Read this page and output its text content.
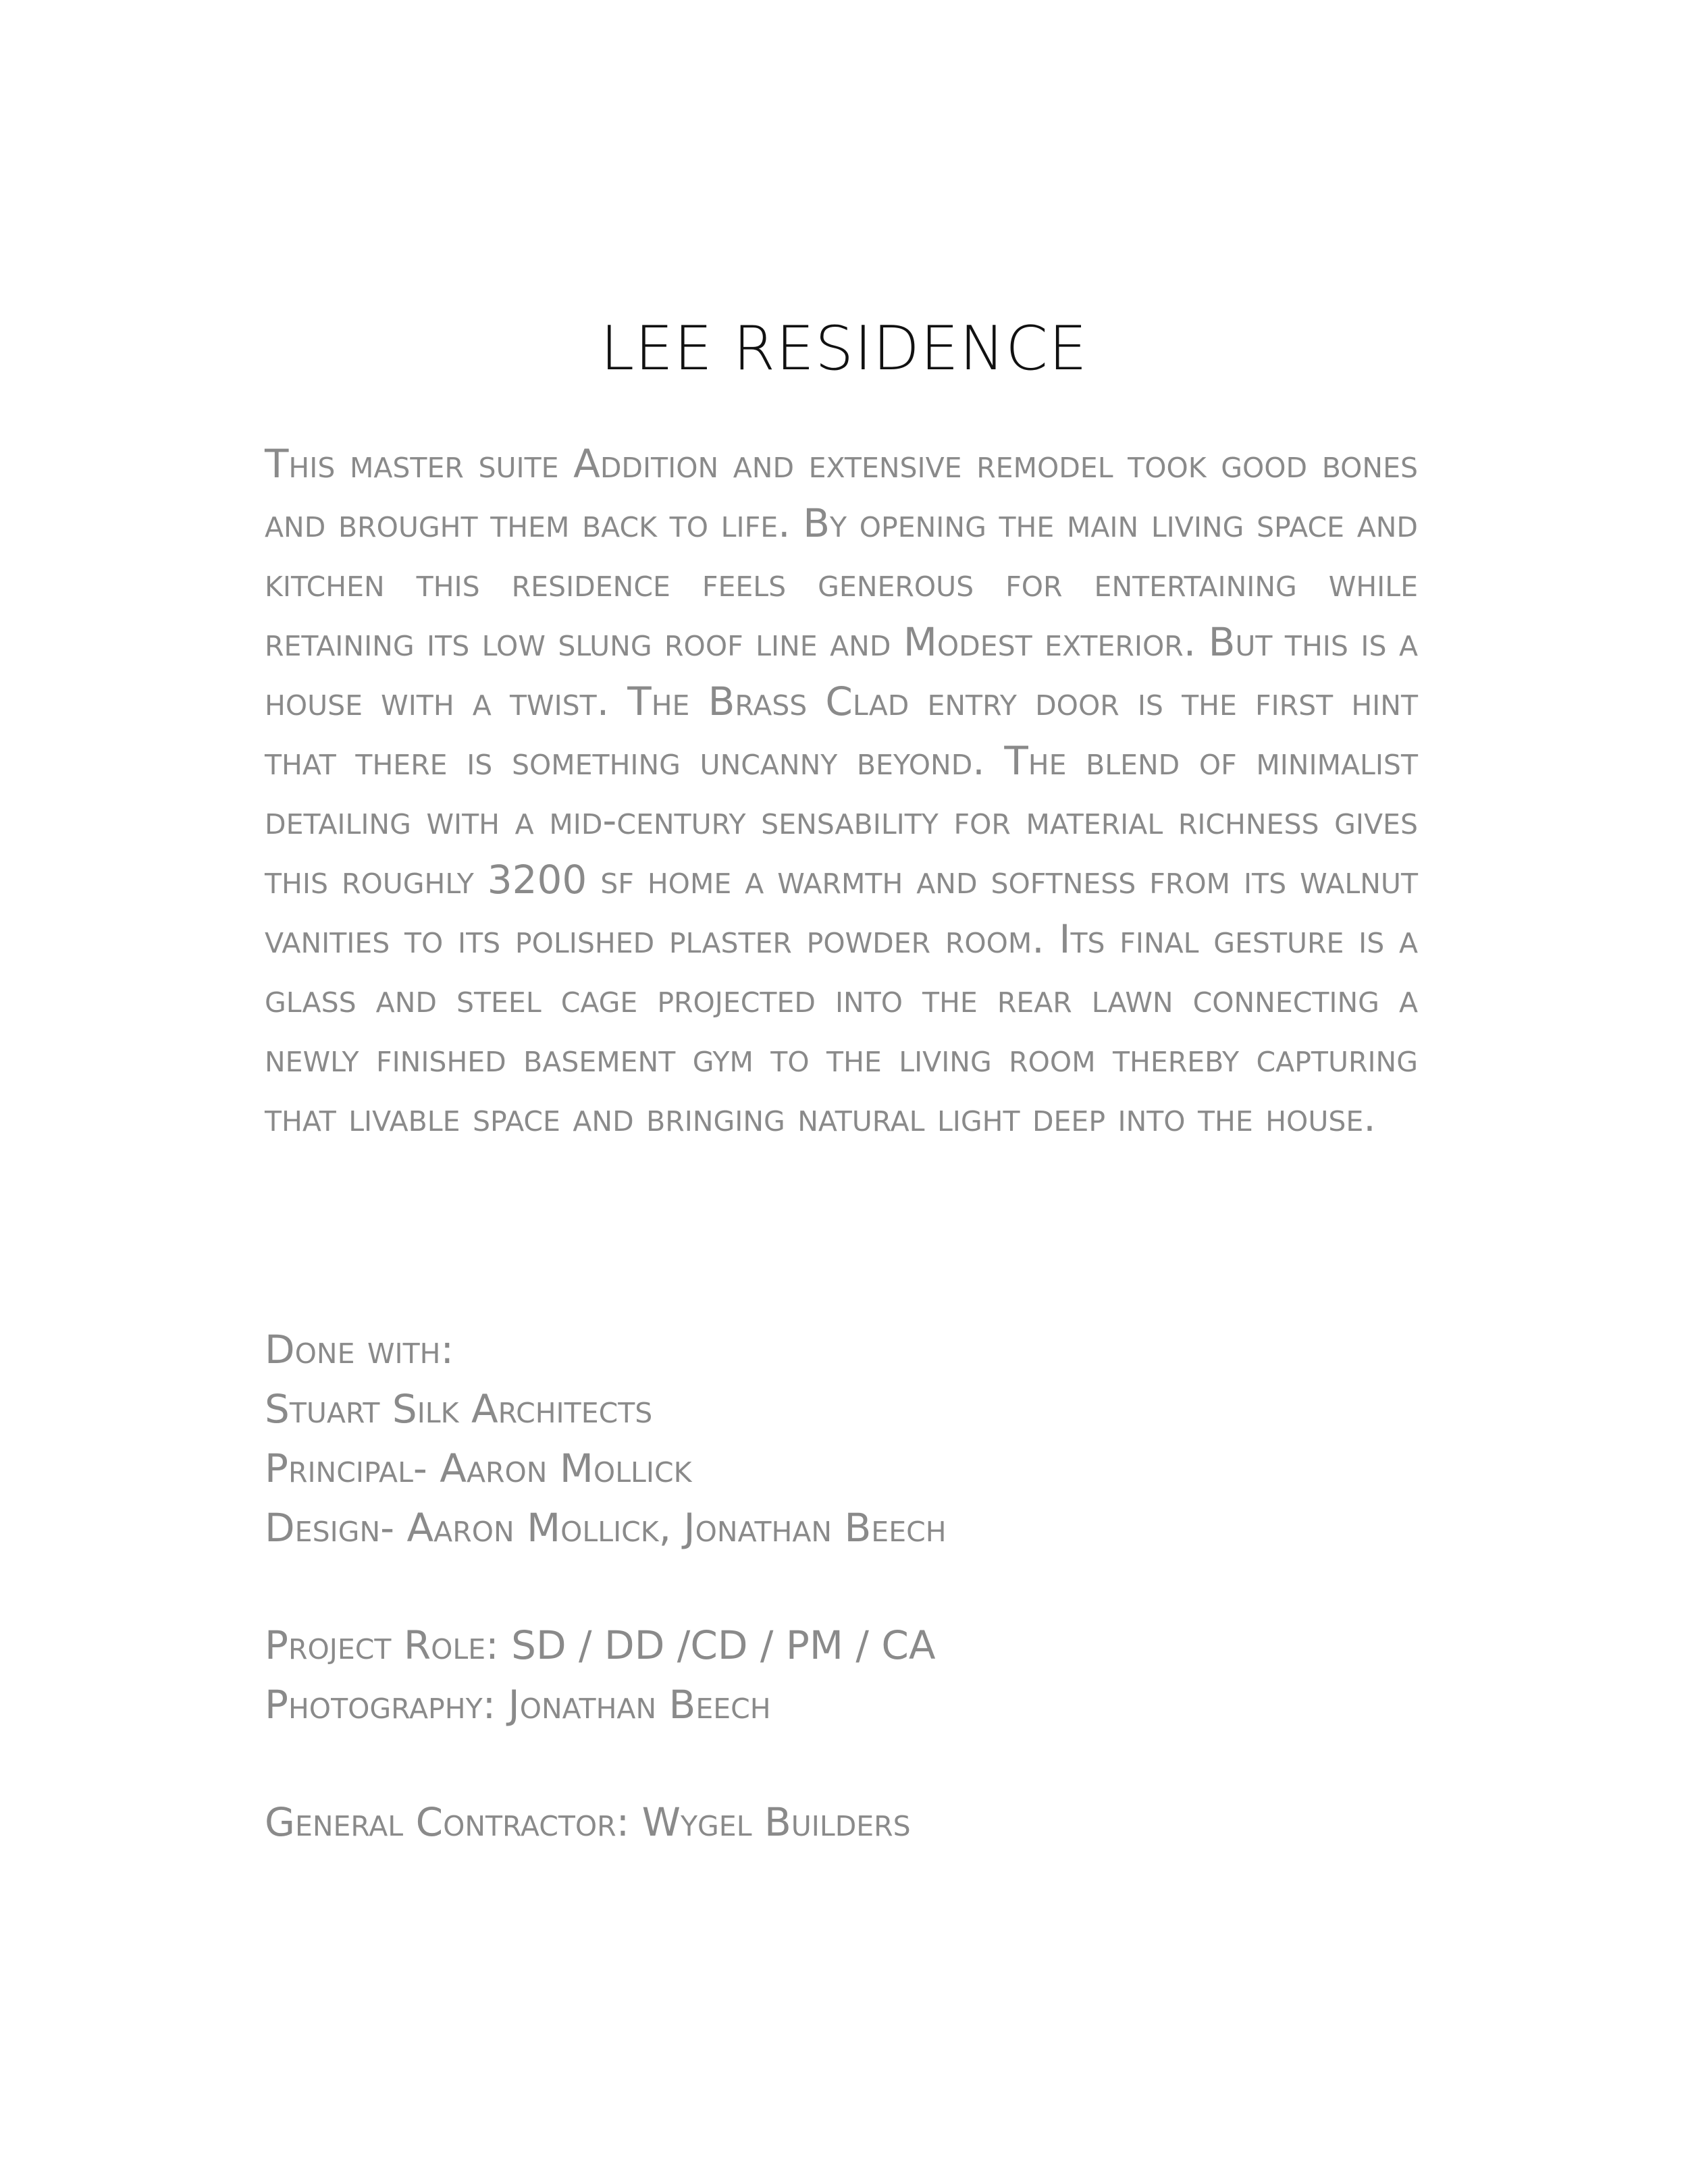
LEE RESIDENCE

This master suite Addition and extensive remodel took good bones and brought them back to life. By opening the main living space and kitchen this residence feels generous for entertaining while retaining its low slung roof line and Modest exterior. But this is a house with a twist. The Brass Clad entry door is the first hint that there is something uncanny beyond. The blend of minimalist detailing with a mid-century sensability for material richness gives this roughly 3200 sf home a warmth and softness from its walnut vanities to its polished plaster powder room. Its final gesture is a glass and steel cage projected into the rear lawn connecting a newly finished basement gym to the living room thereby capturing that livable space and bringing natural light deep into the house.

Done with:
Stuart Silk Architects
Principal- Aaron Mollick
Design- Aaron Mollick, Jonathan Beech
Project Role: SD / DD /CD / PM / CA
Photography: Jonathan Beech
General Contractor: Wygel Builders
